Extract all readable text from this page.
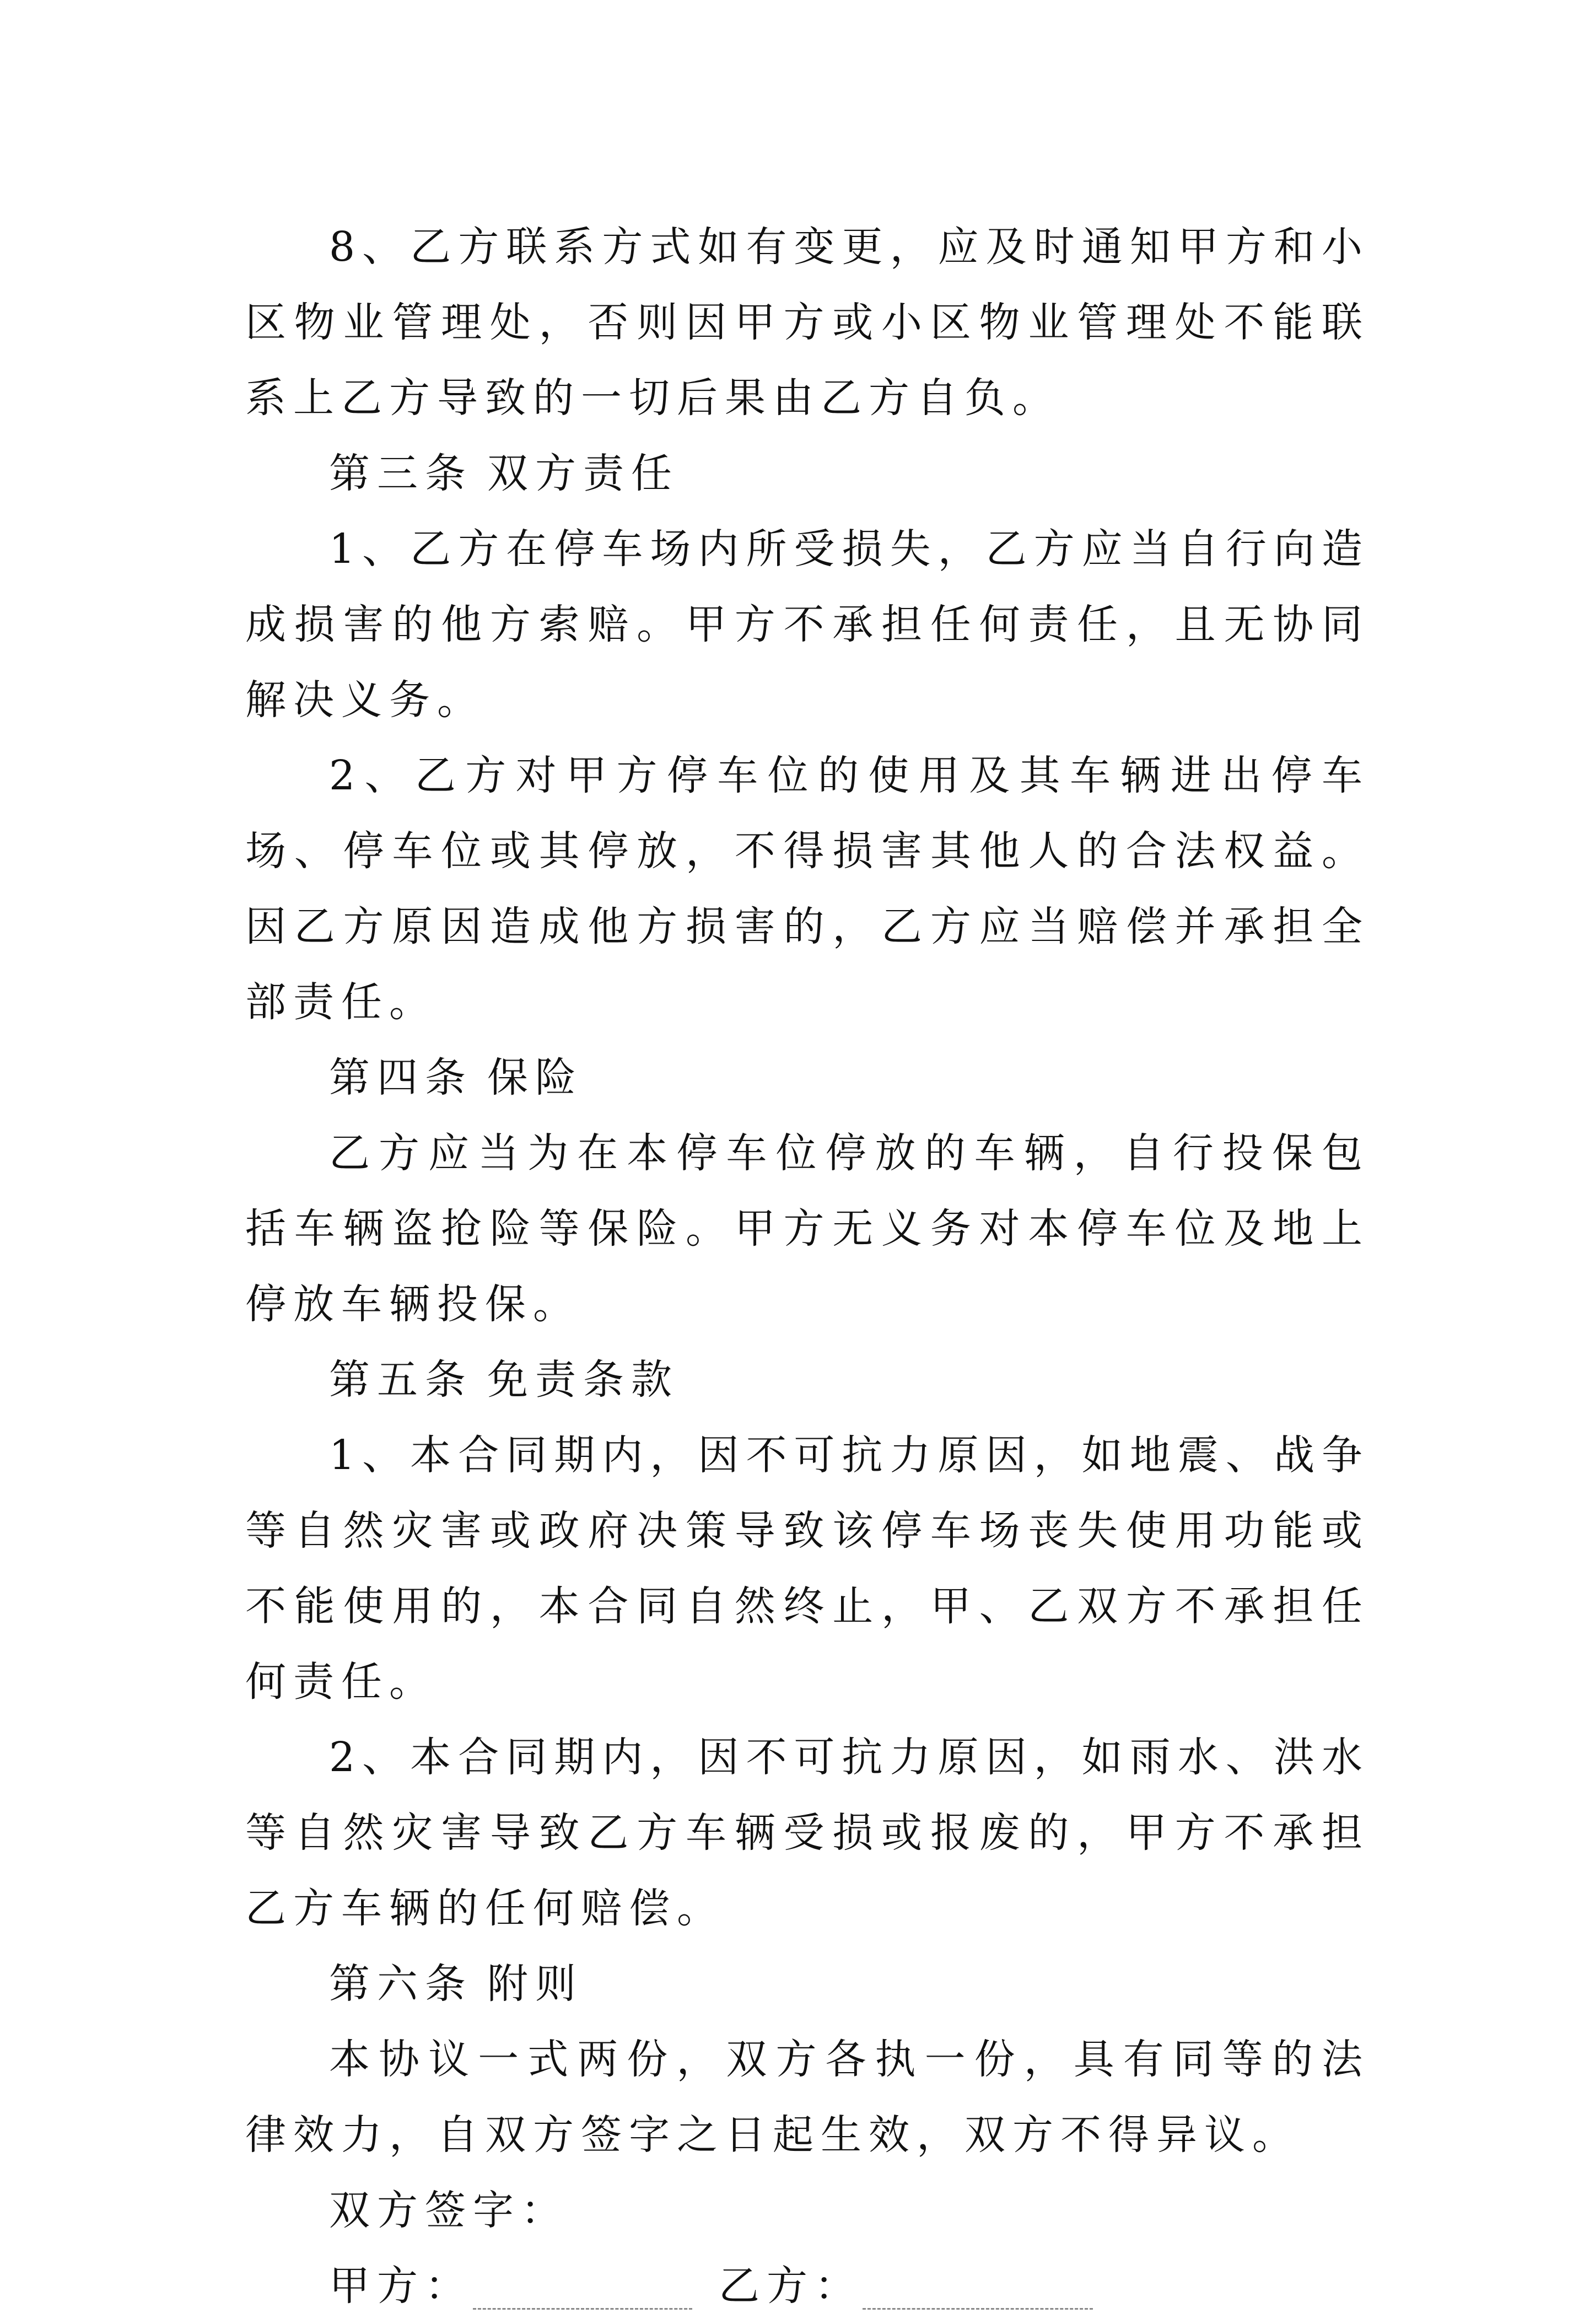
8、乙方联系方式如有变更，应及时通知甲方和小区物业管理处，否则因甲方或小区物业管理处不能联系上乙方导致的一切后果由乙方自负。

第三条 双方责任

1、乙方在停车场内所受损失，乙方应当自行向造成损害的他方索赔。甲方不承担任何责任，且无协同解决义务。

2、乙方对甲方停车位的使用及其车辆进出停车场、停车位或其停放，不得损害其他人的合法权益。因乙方原因造成他方损害的，乙方应当赔偿并承担全部责任。

第四条 保险

乙方应当为在本停车位停放的车辆，自行投保包括车辆盗抢险等保险。甲方无义务对本停车位及地上停放车辆投保。

第五条 免责条款

1、本合同期内，因不可抗力原因，如地震、战争等自然灾害或政府决策导致该停车场丧失使用功能或不能使用的，本合同自然终止，甲、乙双方不承担任何责任。

2、本合同期内，因不可抗力原因，如雨水、洪水等自然灾害导致乙方车辆受损或报废的，甲方不承担乙方车辆的任何赔偿。

第六条 附则

本协议一式两份，双方各执一份，具有同等的法律效力，自双方签字之日起生效，双方不得异议。

双方签字：

甲方：	乙方：
